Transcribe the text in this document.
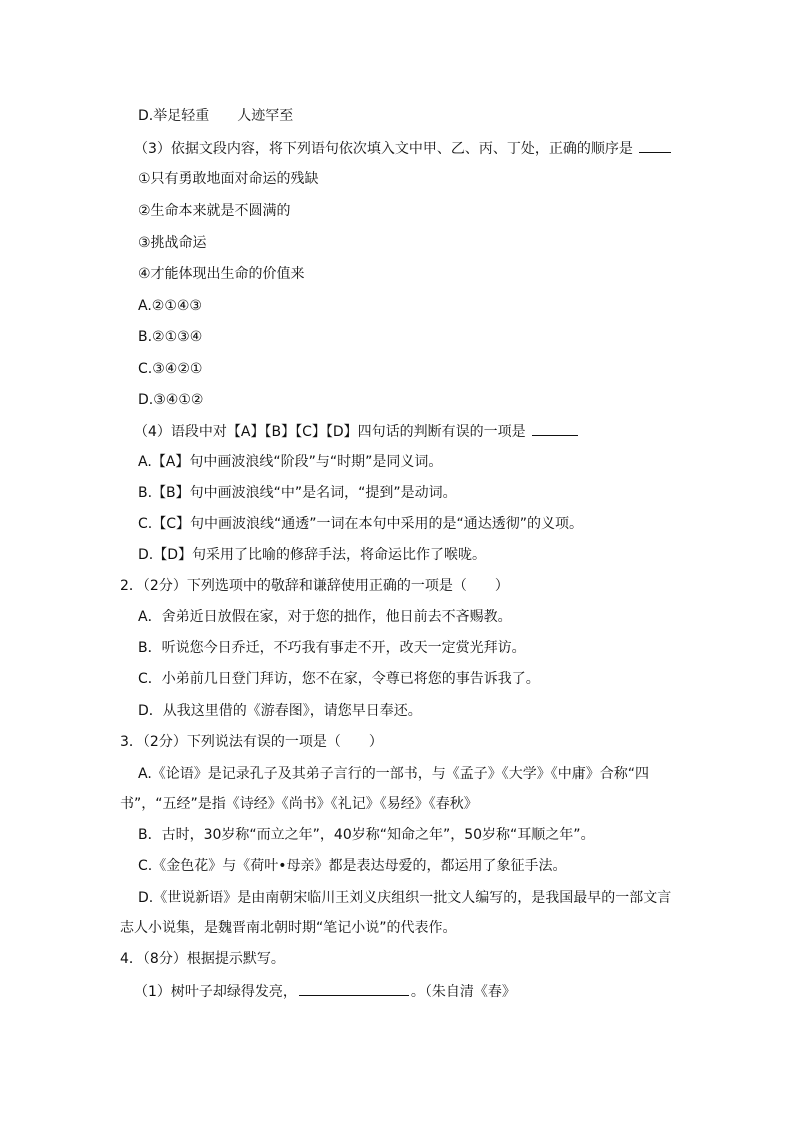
D.举足轻重 人迹罕至
（3）依据文段内容，将下列语句依次填入文中甲、乙、丙、丁处，正确的顺序是
①只有勇敢地面对命运的残缺
②生命本来就是不圆满的
③挑战命运
④才能体现出生命的价值来
A.②①④③
B.②①③④
C.③④②①
D.③④①②
（4）语段中对【A】【B】【C】【D】四句话的判断有误的一项是
A.【A】句中画波浪线“阶段”与“时期”是同义词。
B.【B】句中画波浪线“中”是名词，“提到”是动词。
C.【C】句中画波浪线“通透”一词在本句中采用的是“通达透彻”的义项。
D.【D】句采用了比喻的修辞手法，将命运比作了喉咙。
2．（2分）下列选项中的敬辞和谦辞使用正确的一项是（　　）
A．舍弟近日放假在家，对于您的拙作，他日前去不吝赐教。
B．听说您今日乔迁，不巧我有事走不开，改天一定赏光拜访。
C．小弟前几日登门拜访，您不在家，令尊已将您的事告诉我了。
D．从我这里借的《游春图》，请您早日奉还。
3．（2分）下列说法有误的一项是（　　）
A.《论语》是记录孔子及其弟子言行的一部书，与《孟子》《大学》《中庸》合称“四
书”，“五经”是指《诗经》《尚书》《礼记》《易经》《春秋》
B．古时，30岁称“而立之年”，40岁称“知命之年”，50岁称“耳顺之年”。
C.《金色花》与《荷叶•母亲》都是表达母爱的，都运用了象征手法。
D.《世说新语》是由南朝宋临川王刘义庆组织一批文人编写的，是我国最早的一部文言
志人小说集，是魏晋南北朝时期“笔记小说”的代表作。
4．（8分）根据提示默写。
（1）树叶子却绿得发亮，	。（朱自清《春》
